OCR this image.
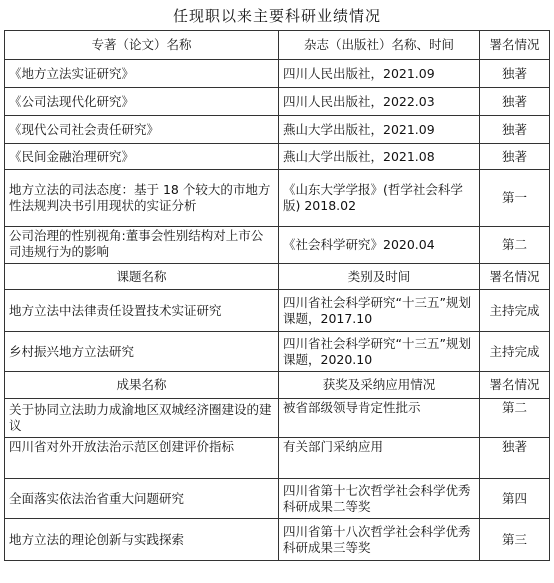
任现职以来主要科研业绩情况
专著（论文）名称	杂志（出版社）名称、时间	署名情况
《地方立法实证研究》	四川人民出版社，2021.09	独著
《公司法现代化研究》	四川人民出版社，2022.03	独著
《现代公司社会责任研究》	燕山大学出版社，2021.09	独著
《民间金融治理研究》	燕山大学出版社，2021.08	独著
地方立法的司法态度：基于 18 个较大的市地方性法规判决书引用现状的实证分析	《山东大学学报》(哲学社会科学版) 2018.02	第一
公司治理的性别视角:董事会性别结构对上市公司违规行为的影响	《社会科学研究》2020.04	第二
课题名称	类别及时间	署名情况
地方立法中法律责任设置技术实证研究	四川省社会科学研究“十三五”规划课题，2017.10	主持完成
乡村振兴地方立法研究	四川省社会科学研究“十三五”规划课题，2020.10	主持完成
成果名称	获奖及采纳应用情况	署名情况
关于协同立法助力成渝地区双城经济圈建设的建议	被省部级领导肯定性批示	第二
四川省对外开放法治示范区创建评价指标	有关部门采纳应用	独著
全面落实依法治省重大问题研究	四川省第十七次哲学社会科学优秀科研成果二等奖	第四
地方立法的理论创新与实践探索	四川省第十八次哲学社会科学优秀科研成果三等奖	第三
